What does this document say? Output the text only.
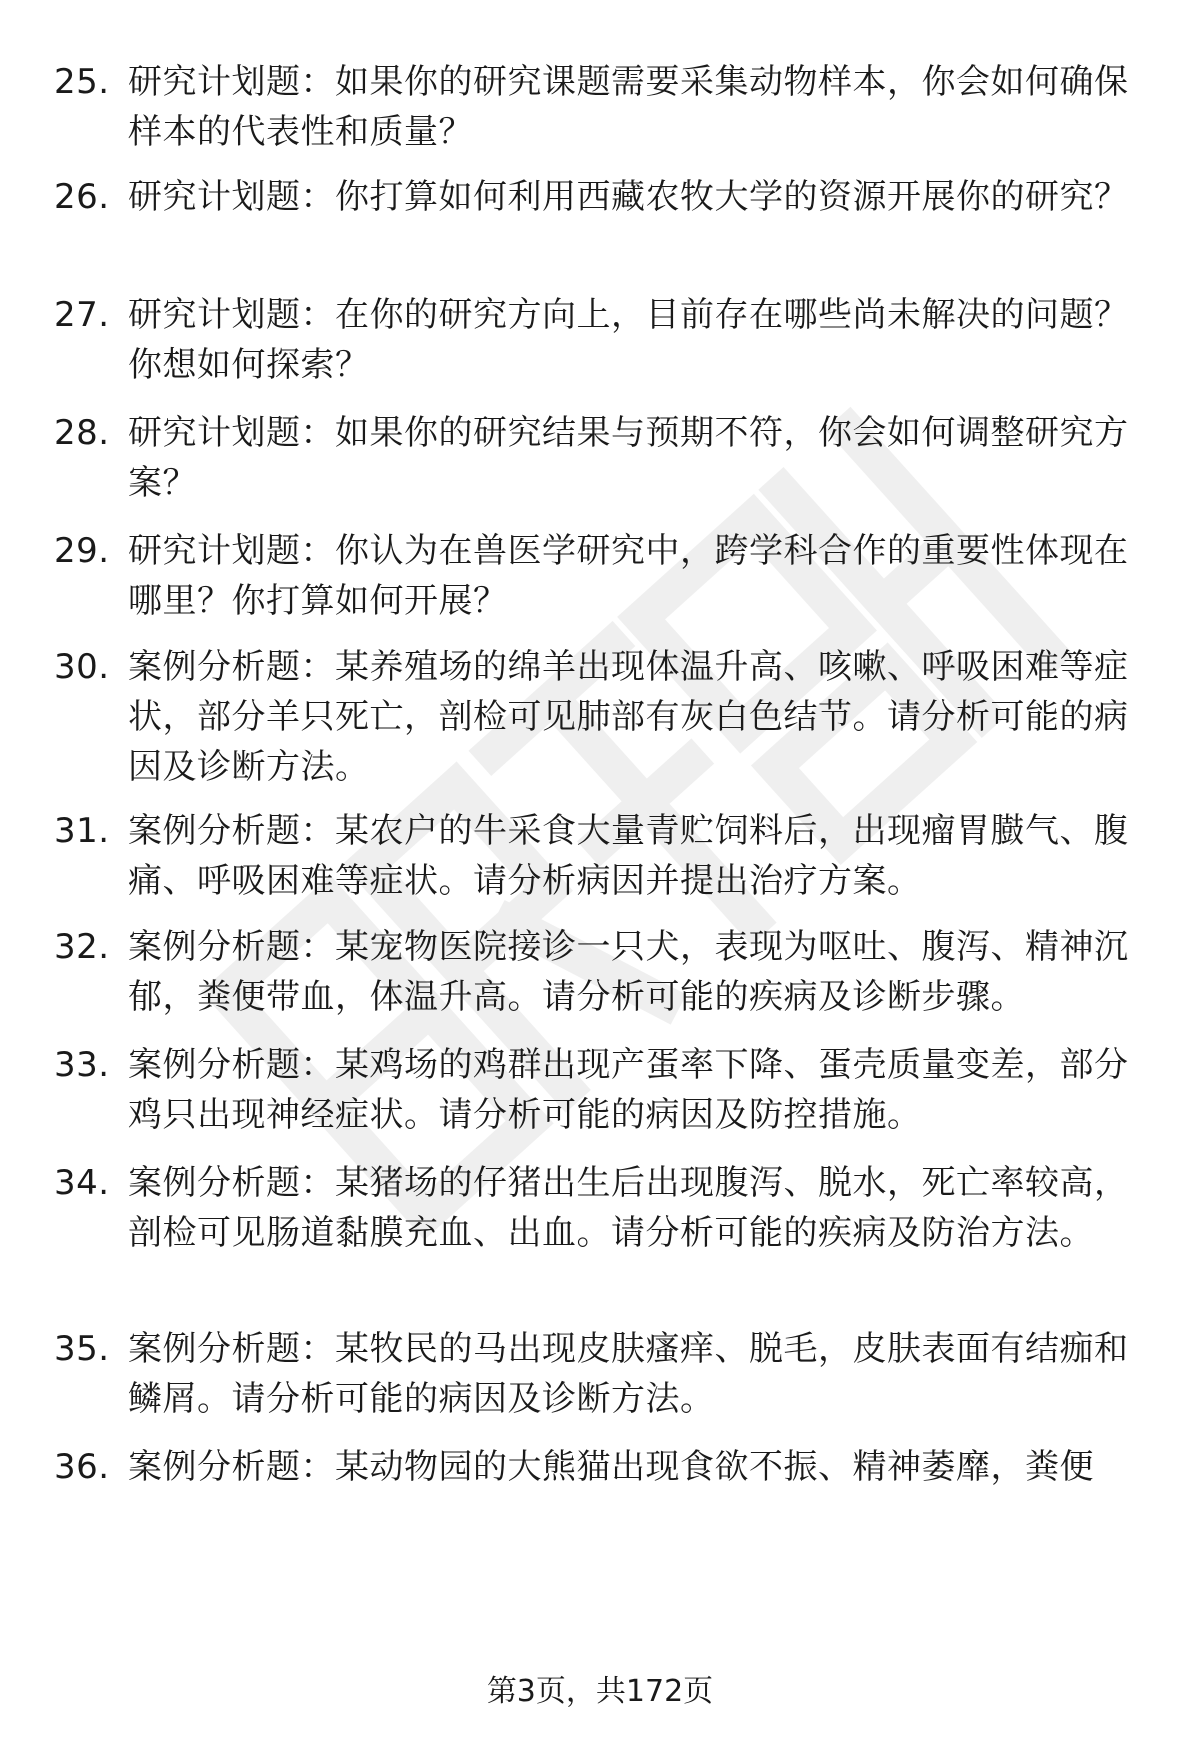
25. 研究计划题：如果你的研究课题需要采集动物样本，你会如何确保样本的代表性和质量？
26. 研究计划题：你打算如何利用西藏农牧大学的资源开展你的研究？
27. 研究计划题：在你的研究方向上，目前存在哪些尚未解决的问题？你想如何探索？
28. 研究计划题：如果你的研究结果与预期不符，你会如何调整研究方案？
29. 研究计划题：你认为在兽医学研究中，跨学科合作的重要性体现在哪里？你打算如何开展？
30. 案例分析题：某养殖场的绵羊出现体温升高、咳嗽、呼吸困难等症状，部分羊只死亡，剖检可见肺部有灰白色结节。请分析可能的病因及诊断方法。
31. 案例分析题：某农户的牛采食大量青贮饲料后，出现瘤胃臌气、腹痛、呼吸困难等症状。请分析病因并提出治疗方案。
32. 案例分析题：某宠物医院接诊一只犬，表现为呕吐、腹泻、精神沉郁，粪便带血，体温升高。请分析可能的疾病及诊断步骤。
33. 案例分析题：某鸡场的鸡群出现产蛋率下降、蛋壳质量变差，部分鸡只出现神经症状。请分析可能的病因及防控措施。
34. 案例分析题：某猪场的仔猪出生后出现腹泻、脱水，死亡率较高，剖检可见肠道黏膜充血、出血。请分析可能的疾病及防治方法。
35. 案例分析题：某牧民的马出现皮肤瘙痒、脱毛，皮肤表面有结痂和鳞屑。请分析可能的病因及诊断方法。
36. 案例分析题：某动物园的大熊猫出现食欲不振、精神萎靡，粪便
第3页，共172页
